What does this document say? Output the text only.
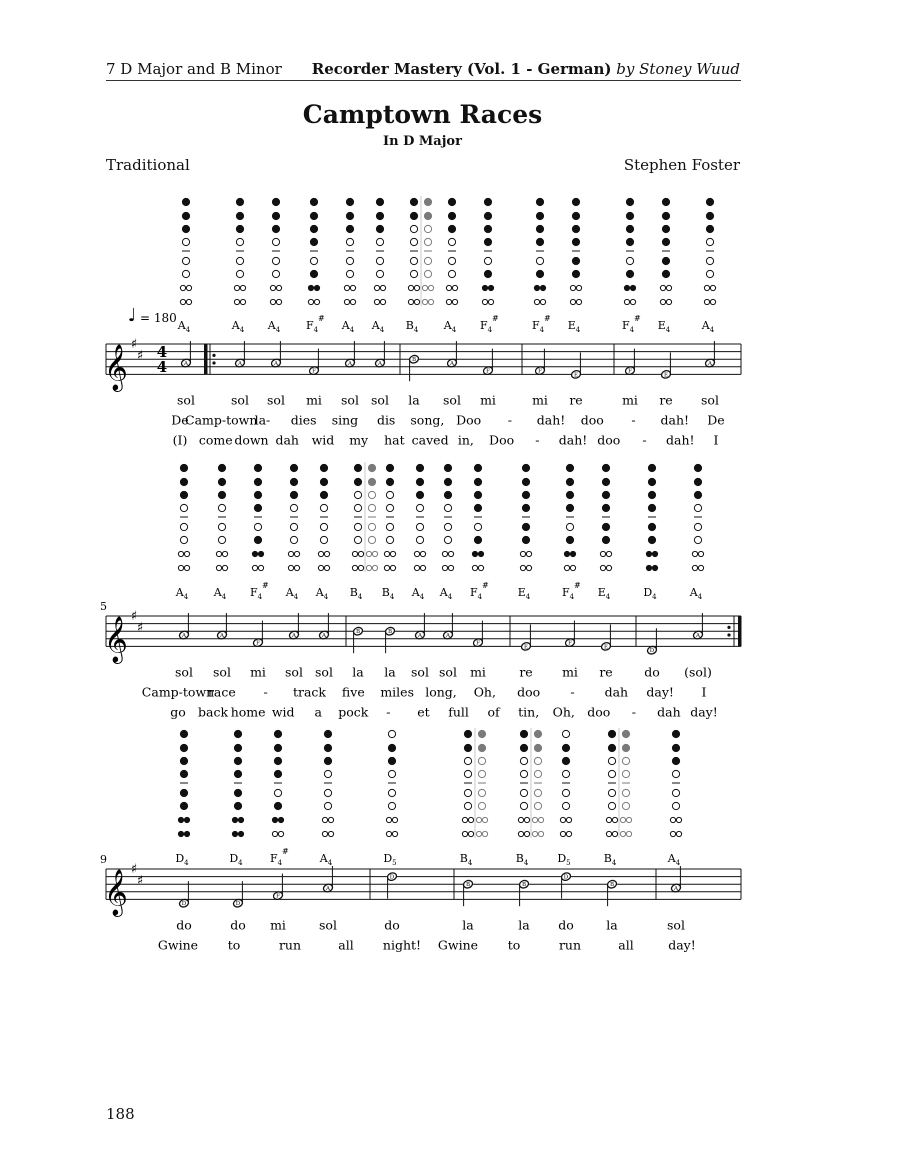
7 D Major and B Minor Recorder Mastery (Vol. 1 - German) by Stoney Wuud
Camptown Races
In D Major
Traditional	Stephen Foster
188
𝄞 ♯
♯ 4
4
♩ = 180
$A_4$
A
$A_4$
A
$A_4$
A
$F_4$
#
F
$A_4$
A
$A_4$
A
$B_4$
B
$A_4$
A
$F_4$
#
F
$F_4$
#
F
$E_4$
E
$F_4$
#
F
$E_4$
E
$A_4$
A
sol	sol sol mi sol sol la sol mi	mi re	mi re sol
De
Camp-town
la- dies sing dis song, Doo - dah! doo - dah! De
(I) come down dah wid my hat caved in, Doo - dah! doo - dah! I
𝄞 ♯
♯
5
$A_4$
A
$A_4$
A
$F_4$
#
F
$A_4$
A
$A_4$
A
$B_4$
B
$B_4$
B
$A_4$
A
$A_4$
A
$F_4$
#
F
$E_4$
E
$F_4$
#
F
$E_4$
E
$D_4$
D
$A_4$
A
sol sol mi sol sol la la sol sol mi	re mi re	do (sol)
Camp-town
race - track five miles long, Oh, doo - dah day! I
go back home wid a pock - et full of tin, Oh, doo - dah day!
𝄞 ♯
♯
9	$D_4$
D
$D_4$
D
$F_4$
#
F
$A_4$
A
$D_5$
D
$B_4$
B
$B_4$
B
$D_5$
D
$B_4$
B
$A_4$
A
do	do mi	sol	do	la	la do	la	sol
Gwine to	run	all night! Gwine to	run	all	day!
